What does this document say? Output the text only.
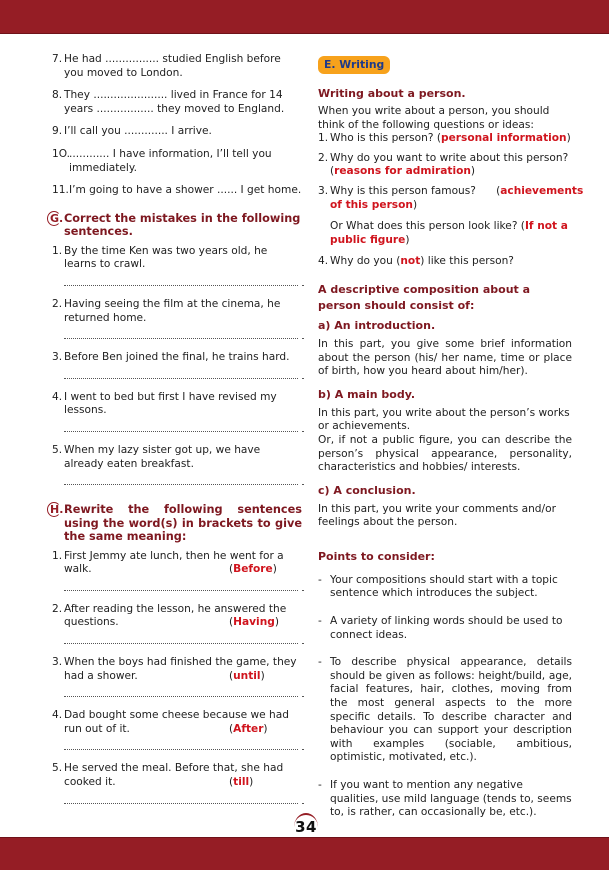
7. He had ................ studied English before you moved to London.
8. They ...................... lived in France for 14 years ................. they moved to England.
9. I’ll call you ............. I arrive.
1O.
............ I have information, I’ll tell you immediately.
11. I’m going to have a shower ...... I get home.
G. Correct the mistakes in the following sentences.
1. By the time Ken was two years old, he learns to crawl.
2. Having seeing the film at the cinema, he returned home.
3. Before Ben joined the final, he trains hard.
4. I went to bed but first I have revised my lessons.
5. When my lazy sister got up, we have already eaten breakfast.
H. Rewrite the following sentences using the word(s) in brackets to give the same meaning:
1. First Jemmy ate lunch, then he went for a
walk.	(Before)
2. After reading the lesson, he answered the
questions.	(Having)
3. When the boys had finished the game, they
had a shower.	(until)
4. Dad bought some cheese because we had
run out of it.	(After)
5. He served the meal. Before that, she had
cooked it.	(till)
E. Writing
Writing about a person.
When you write about a person, you should think of the following questions or ideas:
1. Who is this person? (personal information)
2. Why do you want to write about this person? (reasons for admiration)
3. Why is this person famous?      (achievements of this person)
Or What does this person look like? (If not a public figure)
4. Why do you (not) like this person?
A descriptive composition about a person should consist of:
a) An introduction.
In this part, you give some brief information about the person (his/ her name, time or place of birth, how you heard about him/her).
b) A main body.
In this part, you write about the person’s works or achievements.
Or, if not a public figure, you can describe the person’s physical appearance, personality, characteristics and hobbies/ interests.
c) A conclusion.
In this part, you write your comments and/or feelings about the person.
Points to consider:
- Your compositions should start with a topic sentence which introduces the subject.
- A variety of linking words should be used to connect ideas.
- To describe physical appearance, details should be given as follows: height/build, age, facial features, hair, clothes, moving from the most general aspects to the more specific details. To describe character and behaviour you can support your description with examples (sociable, ambitious, optimistic, motivated, etc.).
- If you want to mention any negative qualities, use mild language (tends to, seems to, is rather, can occasionally be, etc.).
34
